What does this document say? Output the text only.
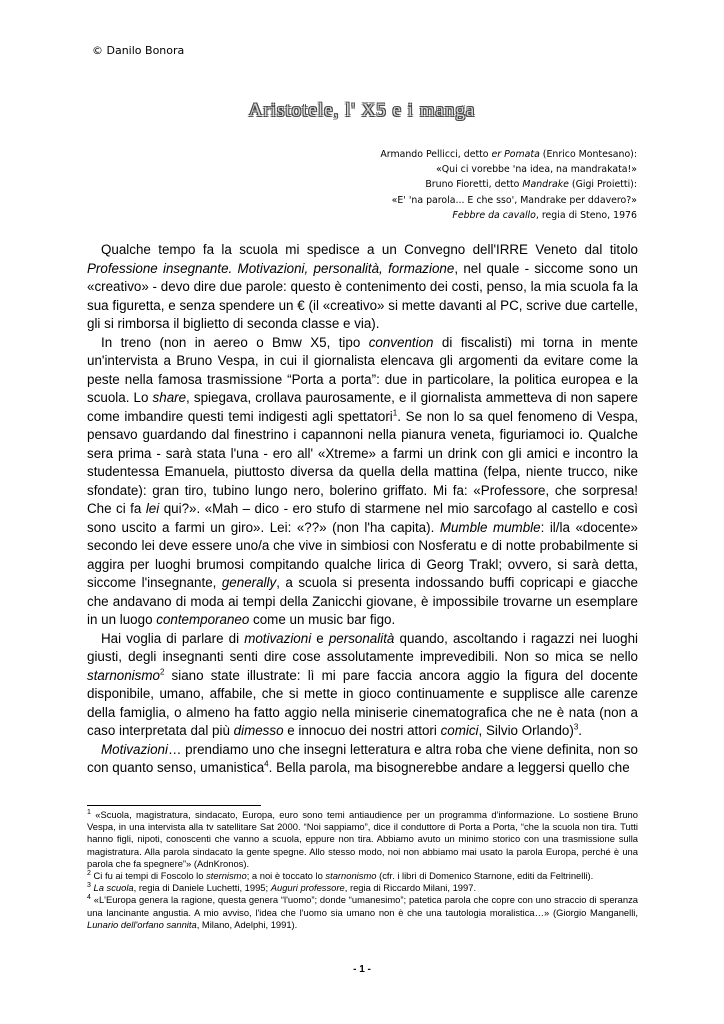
© Danilo Bonora
Aristotele, l' X5 e i manga
Armando Pellicci, detto er Pomata (Enrico Montesano):
«Qui ci vorebbe 'na idea, na mandrakata!»
Bruno Fioretti, detto Mandrake (Gigi Proietti):
«E' 'na parola... E che sso', Mandrake per ddavero?»
Febbre da cavallo, regia di Steno, 1976

Qualche tempo fa la scuola mi spedisce a un Convegno dell'IRRE Veneto dal titolo Professione insegnante. Motivazioni, personalità, formazione, nel quale - siccome sono un «creativo» - devo dire due parole: questo è contenimento dei costi, penso, la mia scuola fa la sua figuretta, e senza spendere un € (il «creativo» si mette davanti al PC, scrive due cartelle, gli si rimborsa il biglietto di seconda classe e via).

In treno (non in aereo o Bmw X5, tipo convention di fiscalisti) mi torna in mente un'intervista a Bruno Vespa, in cui il giornalista elencava gli argomenti da evitare come la peste nella famosa trasmissione “Porta a porta”: due in particolare, la politica europea e la scuola. Lo share, spiegava, crollava paurosamente, e il giornalista ammetteva di non sapere come imbandire questi temi indigesti agli spettatori$^1$. Se non lo sa quel fenomeno di Vespa, pensavo guardando dal finestrino i capannoni nella pianura veneta, figuriamoci io. Qualche sera prima - sarà stata l'una - ero all' «Xtreme» a farmi un drink con gli amici e incontro la studentessa Emanuela, piuttosto diversa da quella della mattina (felpa, niente trucco, nike sfondate): gran tiro, tubino lungo nero, bolerino griffato. Mi fa: «Professore, che sorpresa! Che ci fa lei qui?». «Mah – dico - ero stufo di starmene nel mio sarcofago al castello e così sono uscito a farmi un giro». Lei: «??» (non l'ha capita). Mumble mumble: il/la «docente» secondo lei deve essere uno/a che vive in simbiosi con Nosferatu e di notte probabilmente si aggira per luoghi brumosi compitando qualche lirica di Georg Trakl; ovvero, si sarà detta, siccome l'insegnante, generally, a scuola si presenta indossando buffi copricapi e giacche che andavano di moda ai tempi della Zanicchi giovane, è impossibile trovarne un esemplare in un luogo contemporaneo come un music bar figo.

Hai voglia di parlare di motivazioni e personalità quando, ascoltando i ragazzi nei luoghi giusti, degli insegnanti senti dire cose assolutamente imprevedibili. Non so mica se nello starnonismo$^2$ siano state illustrate: lì mi pare faccia ancora aggio la figura del docente disponibile, umano, affabile, che si mette in gioco continuamente e supplisce alle carenze della famiglia, o almeno ha fatto aggio nella miniserie cinematografica che ne è nata (non a caso interpretata dal più dimesso e innocuo dei nostri attori comici, Silvio Orlando)$^3$.

Motivazioni… prendiamo uno che insegni letteratura e altra roba che viene definita, non so con quanto senso, umanistica$^4$. Bella parola, ma bisognerebbe andare a leggersi quello che

$^1$ «Scuola, magistratura, sindacato, Europa, euro sono temi antiaudience per un programma d'informazione. Lo sostiene Bruno Vespa, in una intervista alla tv satellitare Sat 2000. “Noi sappiamo”, dice il conduttore di Porta a Porta, “che la scuola non tira. Tutti hanno figli, nipoti, conoscenti che vanno a scuola, eppure non tira. Abbiamo avuto un minimo storico con una trasmissione sulla magistratura. Alla parola sindacato la gente spegne. Allo stesso modo, noi non abbiamo mai usato la parola Europa, perché è una parola che fa spegnere”» (AdnKronos).

$^2$ Ci fu ai tempi di Foscolo lo sternismo; a noi è toccato lo starnonismo (cfr. i libri di Domenico Starnone, editi da Feltrinelli).

$^3$ La scuola, regia di Daniele Luchetti, 1995; Auguri professore, regia di Riccardo Milani, 1997.

$^4$ «L'Europa genera la ragione, questa genera “l'uomo”; donde “umanesimo”; patetica parola che copre con uno straccio di speranza una lancinante angustia. A mio avviso, l'idea che l'uomo sia umano non è che una tautologia moralistica…» (Giorgio Manganelli, Lunario dell'orfano sannita, Milano, Adelphi, 1991).

- 1 -
